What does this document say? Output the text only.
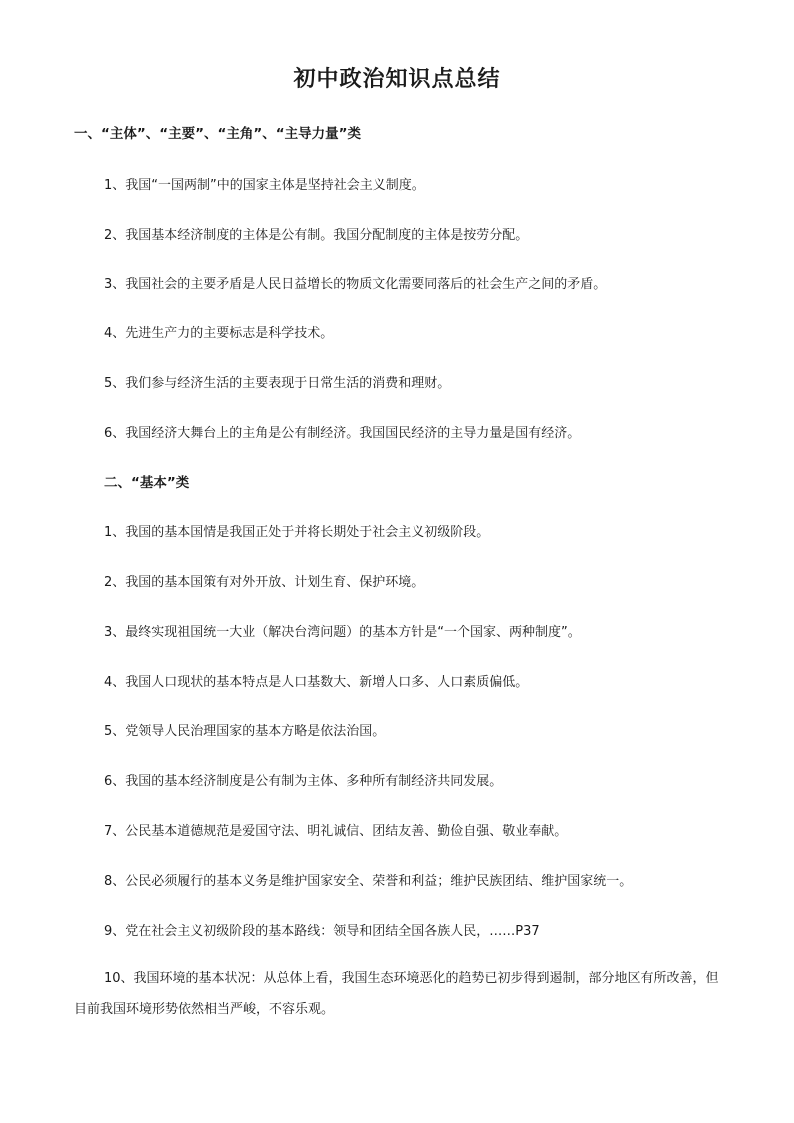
初中政治知识点总结
一、“主体”、“主要”、“主角”、“主导力量”类
1、我国“一国两制”中的国家主体是坚持社会主义制度。
2、我国基本经济制度的主体是公有制。我国分配制度的主体是按劳分配。
3、我国社会的主要矛盾是人民日益增长的物质文化需要同落后的社会生产之间的矛盾。
4、先进生产力的主要标志是科学技术。
5、我们参与经济生活的主要表现于日常生活的消费和理财。
6、我国经济大舞台上的主角是公有制经济。我国国民经济的主导力量是国有经济。
二、“基本”类
1、我国的基本国情是我国正处于并将长期处于社会主义初级阶段。
2、我国的基本国策有对外开放、计划生育、保护环境。
3、最终实现祖国统一大业（解决台湾问题）的基本方针是“一个国家、两种制度”。
4、我国人口现状的基本特点是人口基数大、新增人口多、人口素质偏低。
5、党领导人民治理国家的基本方略是依法治国。
6、我国的基本经济制度是公有制为主体、多种所有制经济共同发展。
7、公民基本道德规范是爱国守法、明礼诚信、团结友善、勤俭自强、敬业奉献。
8、公民必须履行的基本义务是维护国家安全、荣誉和利益；维护民族团结、维护国家统一。
9、党在社会主义初级阶段的基本路线：领导和团结全国各族人民，……P37
10、我国环境的基本状况：从总体上看，我国生态环境恶化的趋势已初步得到遏制，部分地区有所改善，但目前我国环境形势依然相当严峻，不容乐观。
